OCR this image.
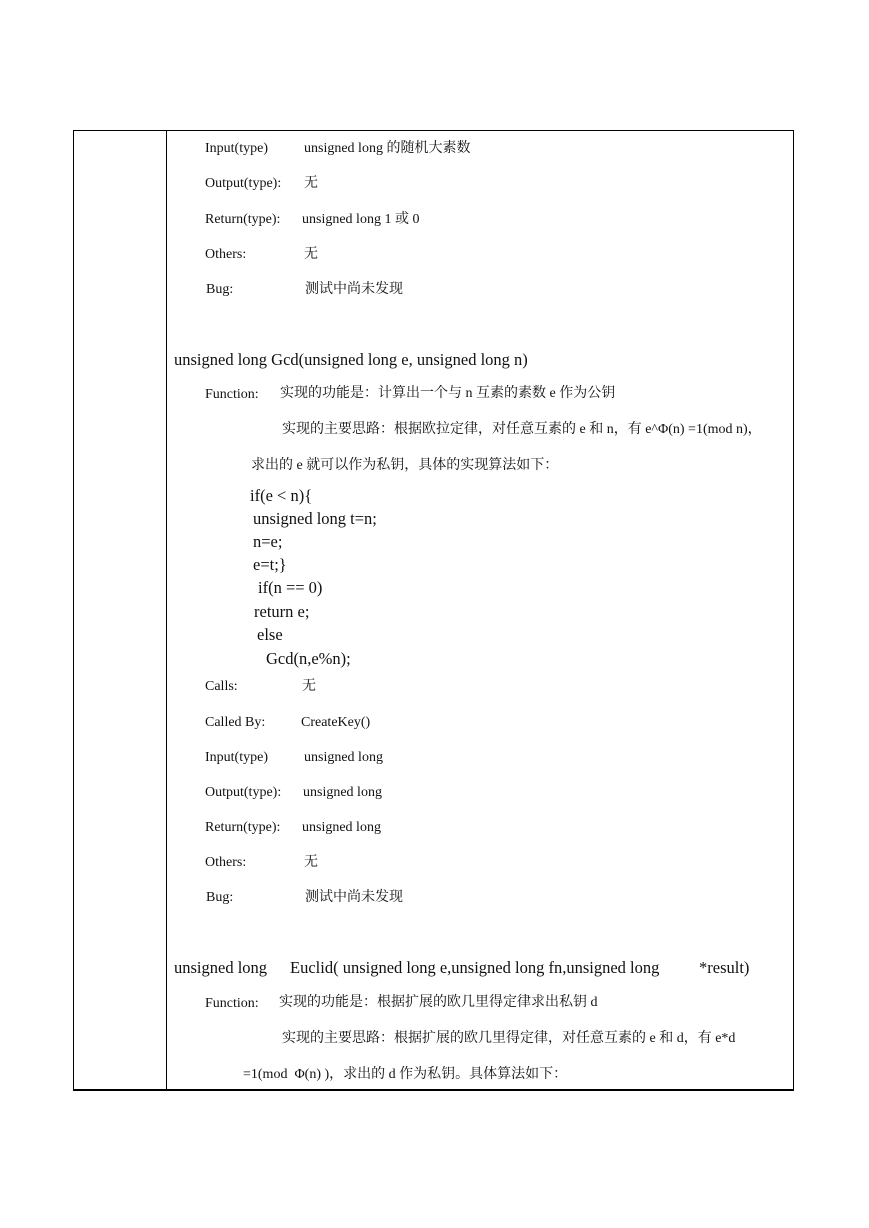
Input(type)	unsigned long 的随机大素数
Output(type): 无
Return(type): unsigned long 1 或 0
Others:	无
Bug:	测试中尚未发现
unsigned long Gcd(unsigned long e, unsigned long n)
Function: 实现的功能是：计算出一个与 n 互素的素数 e 作为公钥
实现的主要思路：根据欧拉定律，对任意互素的 e 和 n，有 e^Φ(n) =1(mod n)，
求出的 e 就可以作为私钥，具体的实现算法如下：
if(e < n){
unsigned long t=n;
n=e;
e=t;}
if(n == 0)
return e;
else
Gcd(n,e%n);
Calls:	无
Called By:	CreateKey()
Input(type)	unsigned long
Output(type): unsigned long
Return(type): unsigned long
Others:	无
Bug:	测试中尚未发现
unsigned long Euclid( unsigned long e,unsigned long fn,unsigned long *result)
Function: 实现的功能是：根据扩展的欧几里得定律求出私钥 d
实现的主要思路：根据扩展的欧几里得定律，对任意互素的 e 和 d，有 e*d
=1(mod  Φ(n) )，求出的 d 作为私钥。具体算法如下：
